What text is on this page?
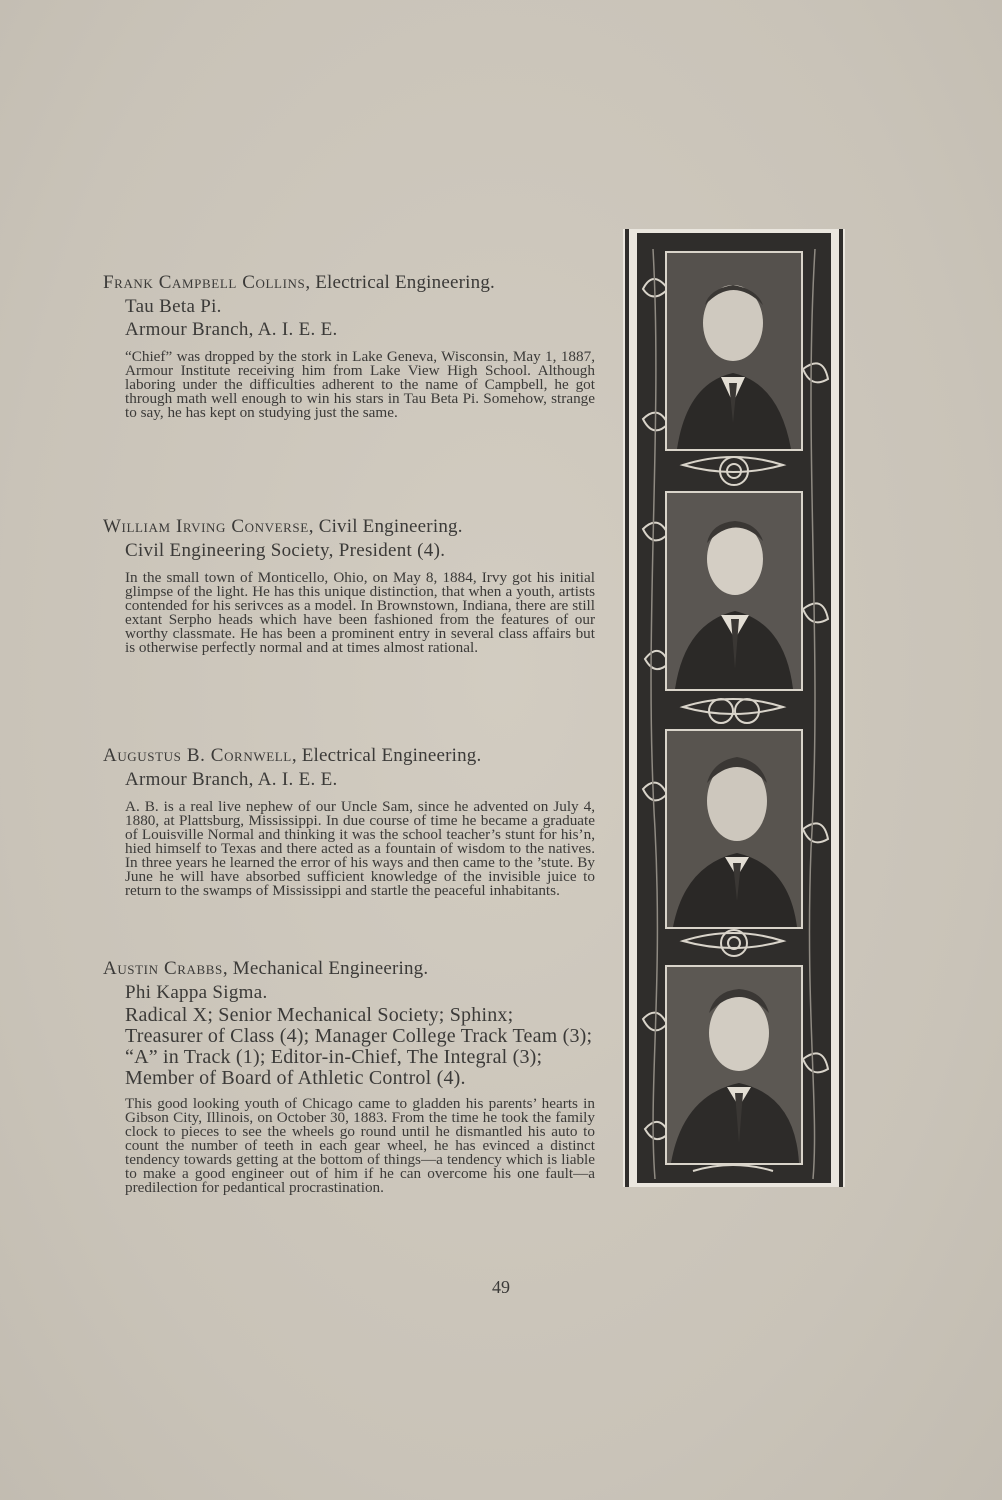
Frank Campbell Collins, Electrical Engineering.

Tau Beta Pi.
Armour Branch, A. I. E. E.
“Chief” was dropped by the stork in Lake Geneva, Wisconsin, May 1, 1887, Armour Institute receiving him from Lake View High School. Although laboring under the difficulties adherent to the name of Campbell, he got through math well enough to win his stars in Tau Beta Pi. Somehow, strange to say, he has kept on studying just the same.

William Irving Converse, Civil Engineering.

Civil Engineering Society, President (4).
In the small town of Monticello, Ohio, on May 8, 1884, Irvy got his initial glimpse of the light. He has this unique distinction, that when a youth, artists contended for his serivces as a model. In Brownstown, Indiana, there are still extant Serpho heads which have been fashioned from the features of our worthy classmate. He has been a prominent entry in several class affairs but is otherwise perfectly normal and at times almost rational.

Augustus B. Cornwell, Electrical Engineering.

Armour Branch, A. I. E. E.
A. B. is a real live nephew of our Uncle Sam, since he advented on July 4, 1880, at Plattsburg, Mississippi. In due course of time he became a graduate of Louisville Normal and thinking it was the school teacher’s stunt for his’n, hied himself to Texas and there acted as a fountain of wisdom to the natives. In three years he learned the error of his ways and then came to the ’stute. By June he will have absorbed sufficient knowledge of the invisible juice to return to the swamps of Mississippi and startle the peaceful inhabitants.

Austin Crabbs, Mechanical Engineering.

Phi Kappa Sigma.
Radical X; Senior Mechanical Society; Sphinx; Treasurer of Class (4); Manager College Track Team (3); “A” in Track (1); Editor-in-Chief, The Integral (3); Member of Board of Athletic Control (4).
This good looking youth of Chicago came to gladden his parents’ hearts in Gibson City, Illinois, on October 30, 1883. From the time he took the family clock to pieces to see the wheels go round until he dismantled his auto to count the number of teeth in each gear wheel, he has evinced a distinct tendency towards getting at the bottom of things—a tendency which is liable to make a good engineer out of him if he can overcome his one fault—a predilection for pedantical procrastination.
49
